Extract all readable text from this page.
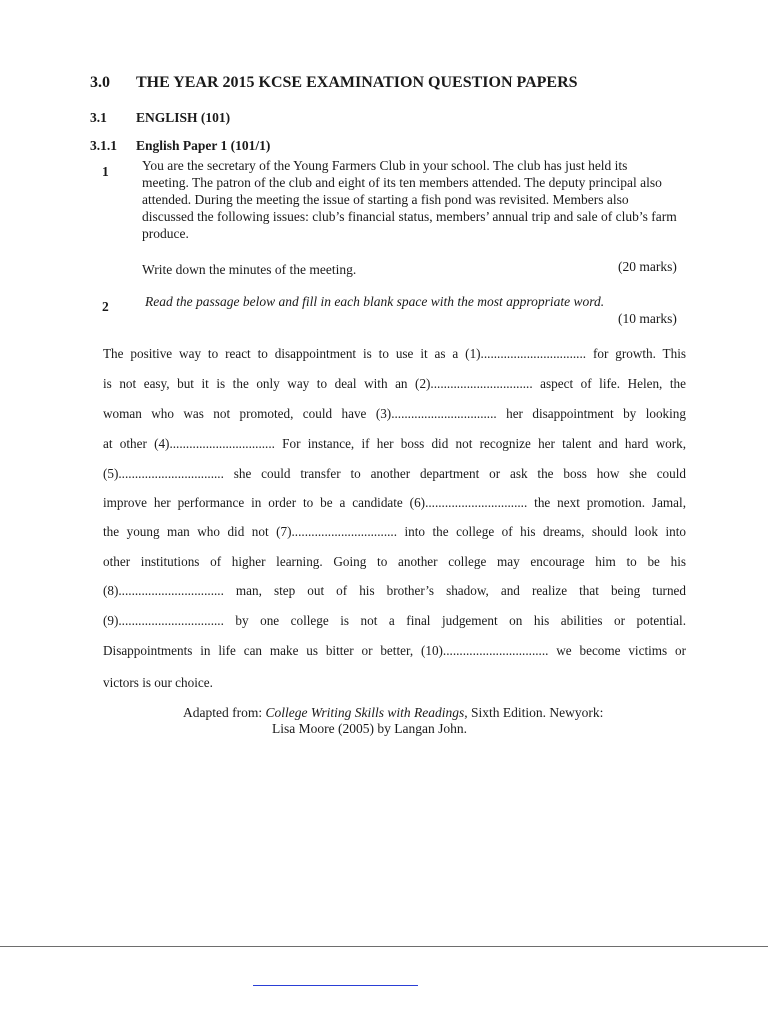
3.0	THE YEAR 2015 KCSE EXAMINATION QUESTION PAPERS
3.1	ENGLISH (101)
3.1.1	English Paper 1 (101/1)
1 You are the secretary of the Young Farmers Club in your school. The club has just held its meeting. The patron of the club and eight of its ten members attended. The deputy principal also attended. During the meeting the issue of starting a fish pond was revisited. Members also discussed the following issues: club’s financial status, members’ annual trip and sale of club’s farm produce.
Write down the minutes of the meeting.	(20 marks)
2	Read the passage below and fill in each blank space with the most appropriate word.
(10 marks)
The positive way to react to disappointment is to use it as a (1)................................ for growth. This
is not easy, but it is the only way to deal with an (2)............................... aspect of life. Helen, the
woman who was not promoted, could have (3)................................ her disappointment by looking
at other (4)................................ For instance, if her boss did not recognize her talent and hard work,
(5)................................ she could transfer to another department or ask the boss how she could
improve her performance in order to be a candidate (6)............................... the next promotion. Jamal,
the young man who did not (7)................................ into the college of his dreams, should look into
other institutions of higher learning. Going to another college may encourage him to be his
(8)................................ man, step out of his brother’s shadow, and realize that being turned
(9)................................ by one college is not a final judgement on his abilities or potential.
Disappointments in life can make us bitter or better, (10)................................ we become victims or
victors is our choice.
Adapted from: College Writing Skills with Readings, Sixth Edition. Newyork:
Lisa Moore (2005) by Langan John.
